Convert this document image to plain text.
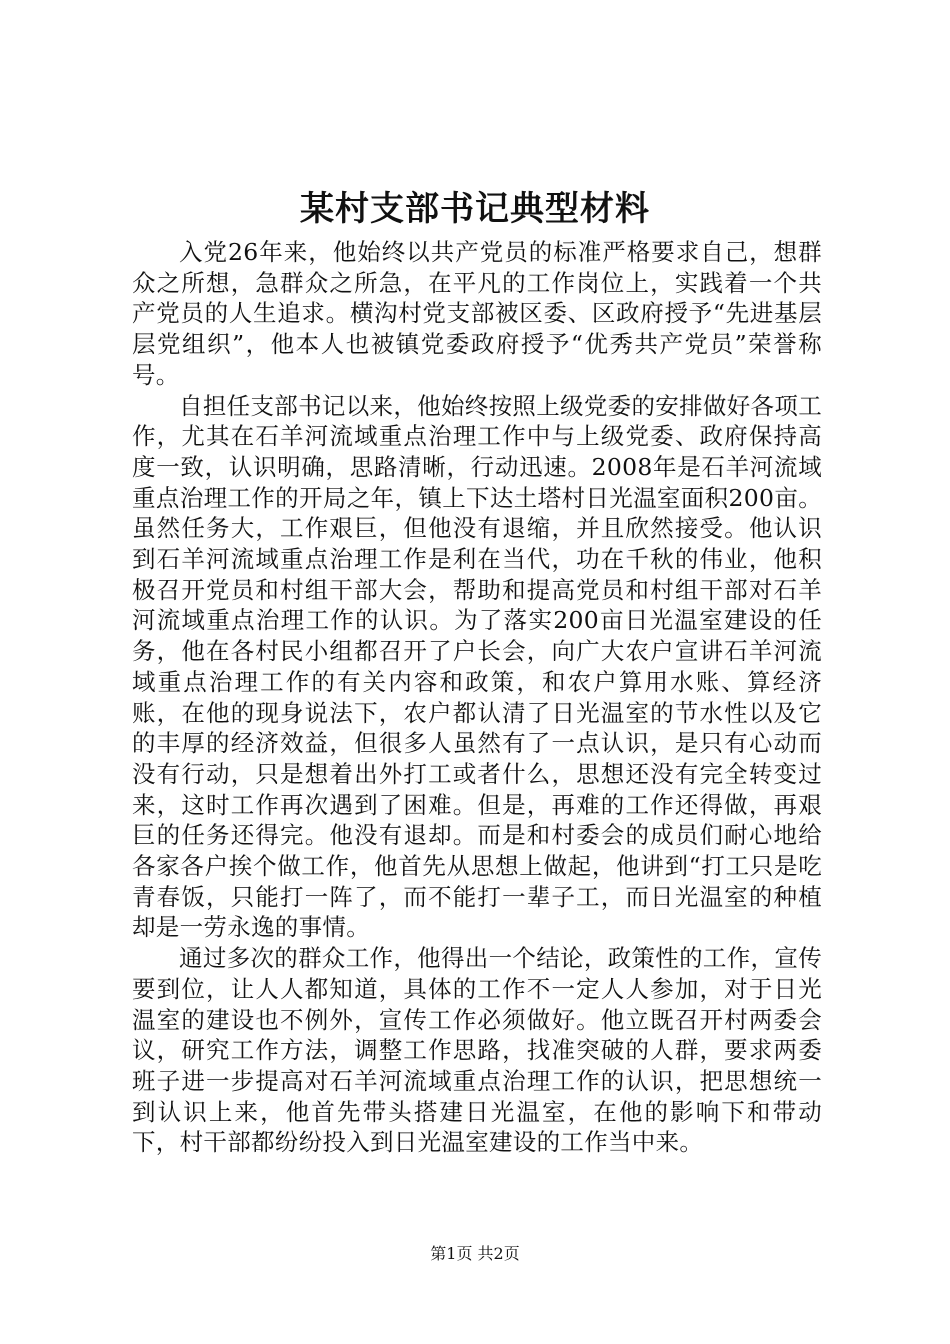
某村支部书记典型材料

入党26年来，他始终以共产党员的标准严格要求自己，想群众之所想，急群众之所急，在平凡的工作岗位上，实践着一个共产党员的人生追求。横沟村党支部被区委、区政府授予“先进基层层党组织”，他本人也被镇党委政府授予“优秀共产党员”荣誉称号。

自担任支部书记以来，他始终按照上级党委的安排做好各项工作，尤其在石羊河流域重点治理工作中与上级党委、政府保持高度一致，认识明确，思路清晰，行动迅速。2008年是石羊河流域重点治理工作的开局之年，镇上下达土塔村日光温室面积200亩。虽然任务大，工作艰巨，但他没有退缩，并且欣然接受。他认识到石羊河流域重点治理工作是利在当代，功在千秋的伟业，他积极召开党员和村组干部大会，帮助和提高党员和村组干部对石羊河流域重点治理工作的认识。为了落实200亩日光温室建设的任务，他在各村民小组都召开了户长会，向广大农户宣讲石羊河流域重点治理工作的有关内容和政策，和农户算用水账、算经济账，在他的现身说法下，农户都认清了日光温室的节水性以及它的丰厚的经济效益，但很多人虽然有了一点认识，是只有心动而没有行动，只是想着出外打工或者什么，思想还没有完全转变过来，这时工作再次遇到了困难。但是，再难的工作还得做，再艰巨的任务还得完。他没有退却。而是和村委会的成员们耐心地给各家各户挨个做工作，他首先从思想上做起，他讲到“打工只是吃青春饭，只能打一阵了，而不能打一辈子工，而日光温室的种植却是一劳永逸的事情。

通过多次的群众工作，他得出一个结论，政策性的工作，宣传要到位，让人人都知道，具体的工作不一定人人参加，对于日光温室的建设也不例外，宣传工作必须做好。他立既召开村两委会议，研究工作方法，调整工作思路，找准突破的人群，要求两委班子进一步提高对石羊河流域重点治理工作的认识，把思想统一到认识上来，他首先带头搭建日光温室，在他的影响下和带动下，村干部都纷纷投入到日光温室建设的工作当中来。

第1页 共2页
